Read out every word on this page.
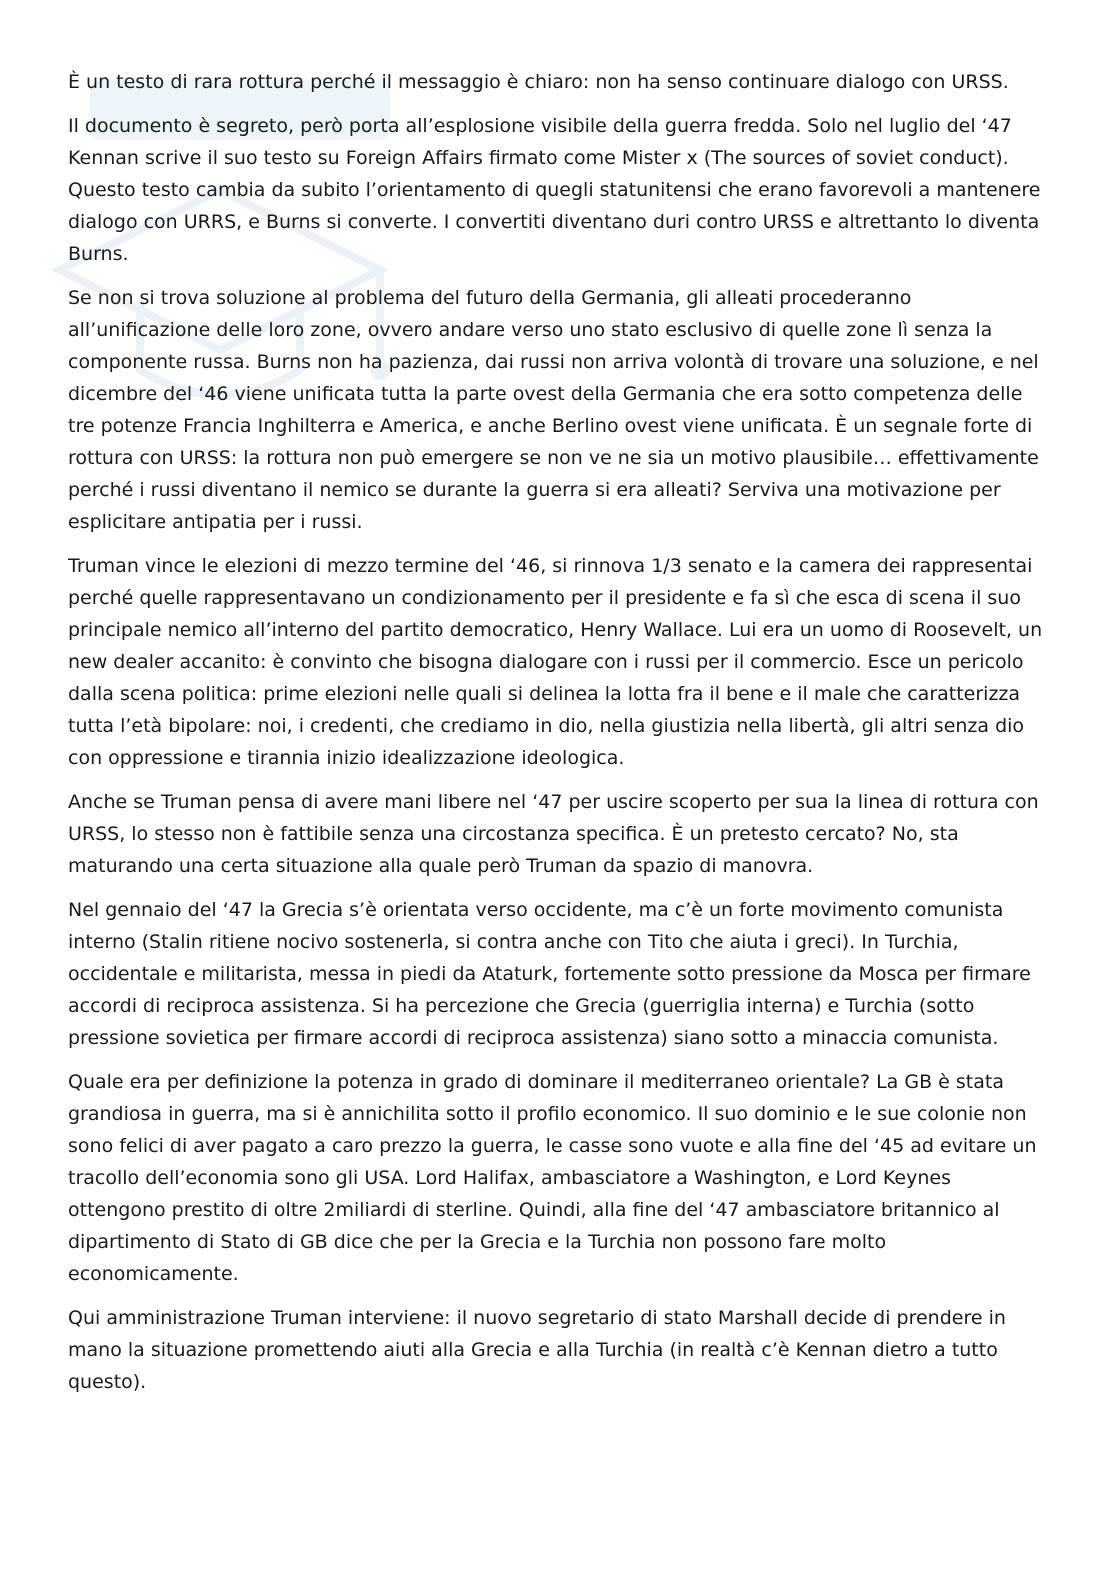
È un testo di rara rottura perché il messaggio è chiaro: non ha senso continuare dialogo con URSS.

Il documento è segreto, però porta all’esplosione visibile della guerra fredda. Solo nel luglio del ‘47 Kennan scrive il suo testo su Foreign Affairs firmato come Mister x (The sources of soviet conduct). Questo testo cambia da subito l’orientamento di quegli statunitensi che erano favorevoli a mantenere dialogo con URRS, e Burns si converte. I convertiti diventano duri contro URSS e altrettanto lo diventa Burns.

Se non si trova soluzione al problema del futuro della Germania, gli alleati procederanno all’unificazione delle loro zone, ovvero andare verso uno stato esclusivo di quelle zone lì senza la componente russa. Burns non ha pazienza, dai russi non arriva volontà di trovare una soluzione, e nel dicembre del ‘46 viene unificata tutta la parte ovest della Germania che era sotto competenza delle tre potenze Francia Inghilterra e America, e anche Berlino ovest viene unificata. È un segnale forte di rottura con URSS: la rottura non può emergere se non ve ne sia un motivo plausibile… effettivamente perché i russi diventano il nemico se durante la guerra si era alleati? Serviva una motivazione per esplicitare antipatia per i russi.

Truman vince le elezioni di mezzo termine del ‘46, si rinnova 1/3 senato e la camera dei rappresentai perché quelle rappresentavano un condizionamento per il presidente e fa sì che esca di scena il suo principale nemico all’interno del partito democratico, Henry Wallace. Lui era un uomo di Roosevelt, un new dealer accanito: è convinto che bisogna dialogare con i russi per il commercio. Esce un pericolo dalla scena politica: prime elezioni nelle quali si delinea la lotta fra il bene e il male che caratterizza tutta l’età bipolare: noi, i credenti, che crediamo in dio, nella giustizia nella libertà, gli altri senza dio con oppressione e tirannia inizio idealizzazione ideologica.

Anche se Truman pensa di avere mani libere nel ‘47 per uscire scoperto per sua la linea di rottura con URSS, lo stesso non è fattibile senza una circostanza specifica. È un pretesto cercato? No, sta maturando una certa situazione alla quale però Truman da spazio di manovra.

Nel gennaio del ‘47 la Grecia s’è orientata verso occidente, ma c’è un forte movimento comunista interno (Stalin ritiene nocivo sostenerla, si contra anche con Tito che aiuta i greci). In Turchia, occidentale e militarista, messa in piedi da Ataturk, fortemente sotto pressione da Mosca per firmare accordi di reciproca assistenza. Si ha percezione che Grecia (guerriglia interna) e Turchia (sotto pressione sovietica per firmare accordi di reciproca assistenza) siano sotto a minaccia comunista.

Quale era per definizione la potenza in grado di dominare il mediterraneo orientale? La GB è stata grandiosa in guerra, ma si è annichilita sotto il profilo economico. Il suo dominio e le sue colonie non sono felici di aver pagato a caro prezzo la guerra, le casse sono vuote e alla fine del ‘45 ad evitare un tracollo dell’economia sono gli USA. Lord Halifax, ambasciatore a Washington, e Lord Keynes ottengono prestito di oltre 2miliardi di sterline. Quindi, alla fine del ‘47 ambasciatore britannico al dipartimento di Stato di GB dice che per la Grecia e la Turchia non possono fare molto economicamente.

Qui amministrazione Truman interviene: il nuovo segretario di stato Marshall decide di prendere in mano la situazione promettendo aiuti alla Grecia e alla Turchia (in realtà c’è Kennan dietro a tutto questo).
